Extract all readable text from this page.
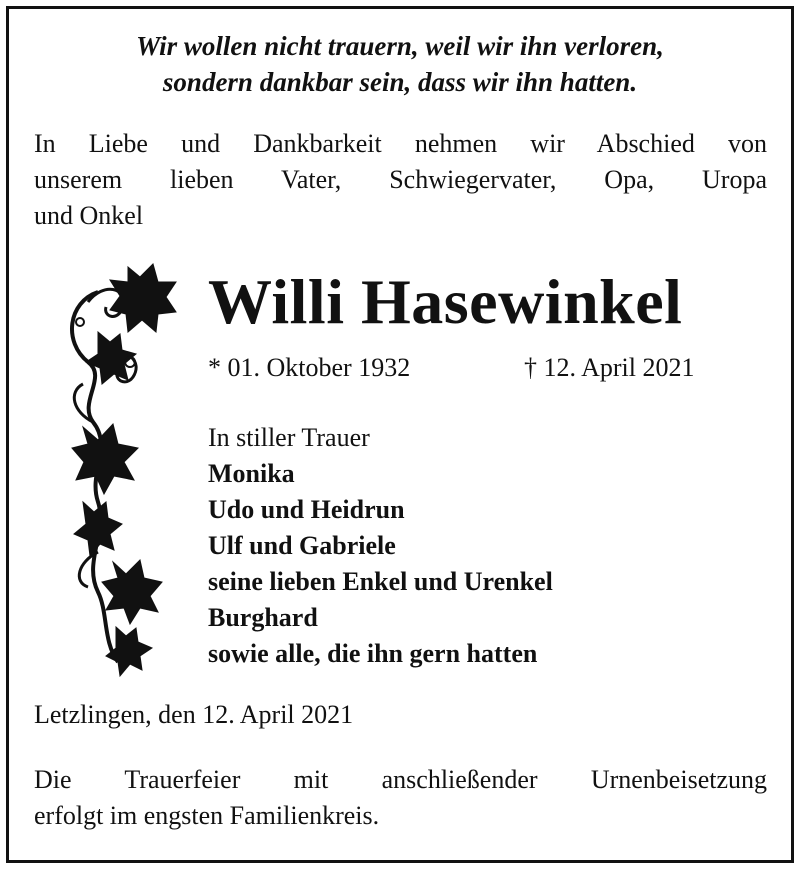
Wir wollen nicht trauern, weil wir ihn verloren,
sondern dankbar sein, dass wir ihn hatten.
In Liebe und Dankbarkeit nehmen wir Abschied von
unserem lieben Vater, Schwiegervater, Opa, Uropa
und Onkel
Willi Hasewinkel
* 01. Oktober 1932	† 12. April 2021
In stiller Trauer
Monika
Udo und Heidrun
Ulf und Gabriele
seine lieben Enkel und Urenkel
Burghard
sowie alle, die ihn gern hatten
Letzlingen, den 12. April 2021
Die Trauerfeier mit anschließender Urnenbeisetzung
erfolgt im engsten Familienkreis.
